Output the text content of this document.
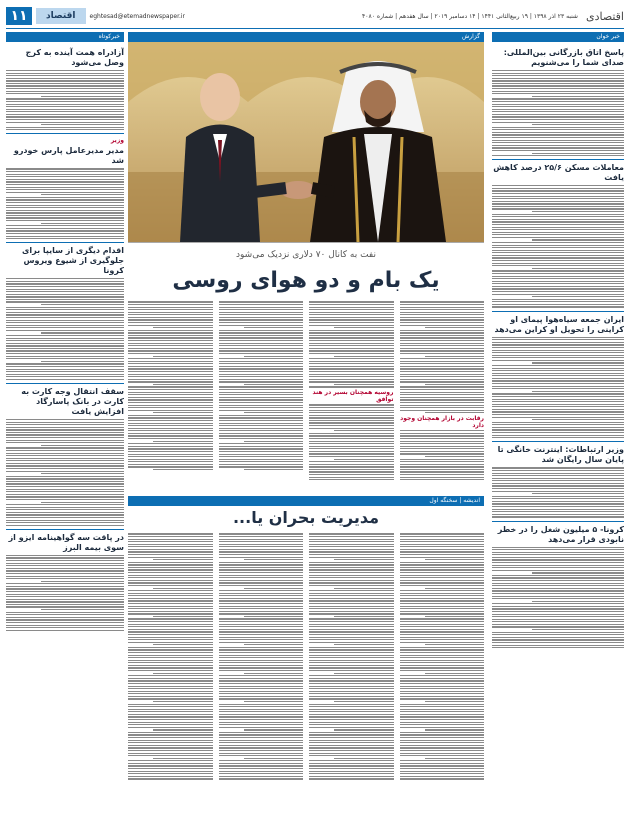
اقتصادی
شنبه ۲۳ آذر ۱۳۹۸ | ۱۹ ربیع‌الثانی ۱۴۴۱ | ۱۴ دسامبر ۲۰۱۹ | سال هفدهم | شماره ۴۰۸۰
eghtesad@etemadnewspaper.ir
اقتصاد
۱۱
خبر خوان
خبرکوتاه	گزارش
پاسخ اتاق بازرگانی بین‌المللی: صدای شما را می‌شنویم
معاملات مسکن ۲۵/۶ درصد کاهش یافت
ایران جمعه سیاه‌هوا پیمای او کراینی را تحویل او کراین می‌دهد
وزیر ارتباطات: اینترنت خانگی تا پایان سال رایگان شد
کرونا- ۵ میلیون شغل را در خطر نابودی قرار می‌دهد
آزادراه همت آینده به کرج وصل می‌شود
وزیر
مدیر مدیرعامل پارس خودرو شد
اقدام دیگری از سایپا برای جلوگیری از شیوع ویروس کرونا
سقف انتقال وجه کارت به کارت در بانک پاسارگاد افزایش یافت
در پاقت سه گواهینامه ایزو از سوی بیمه البرز
نفت به کانال ۷۰ دلاری نزدیک می‌شود
یک بام و دو هوای روسی
رقابت در بازار همچنان وجود دارد
روسیه همچنان بسیر در هند توافق
اندیشه | سخنگه اول
مدیریت بحران یا...
